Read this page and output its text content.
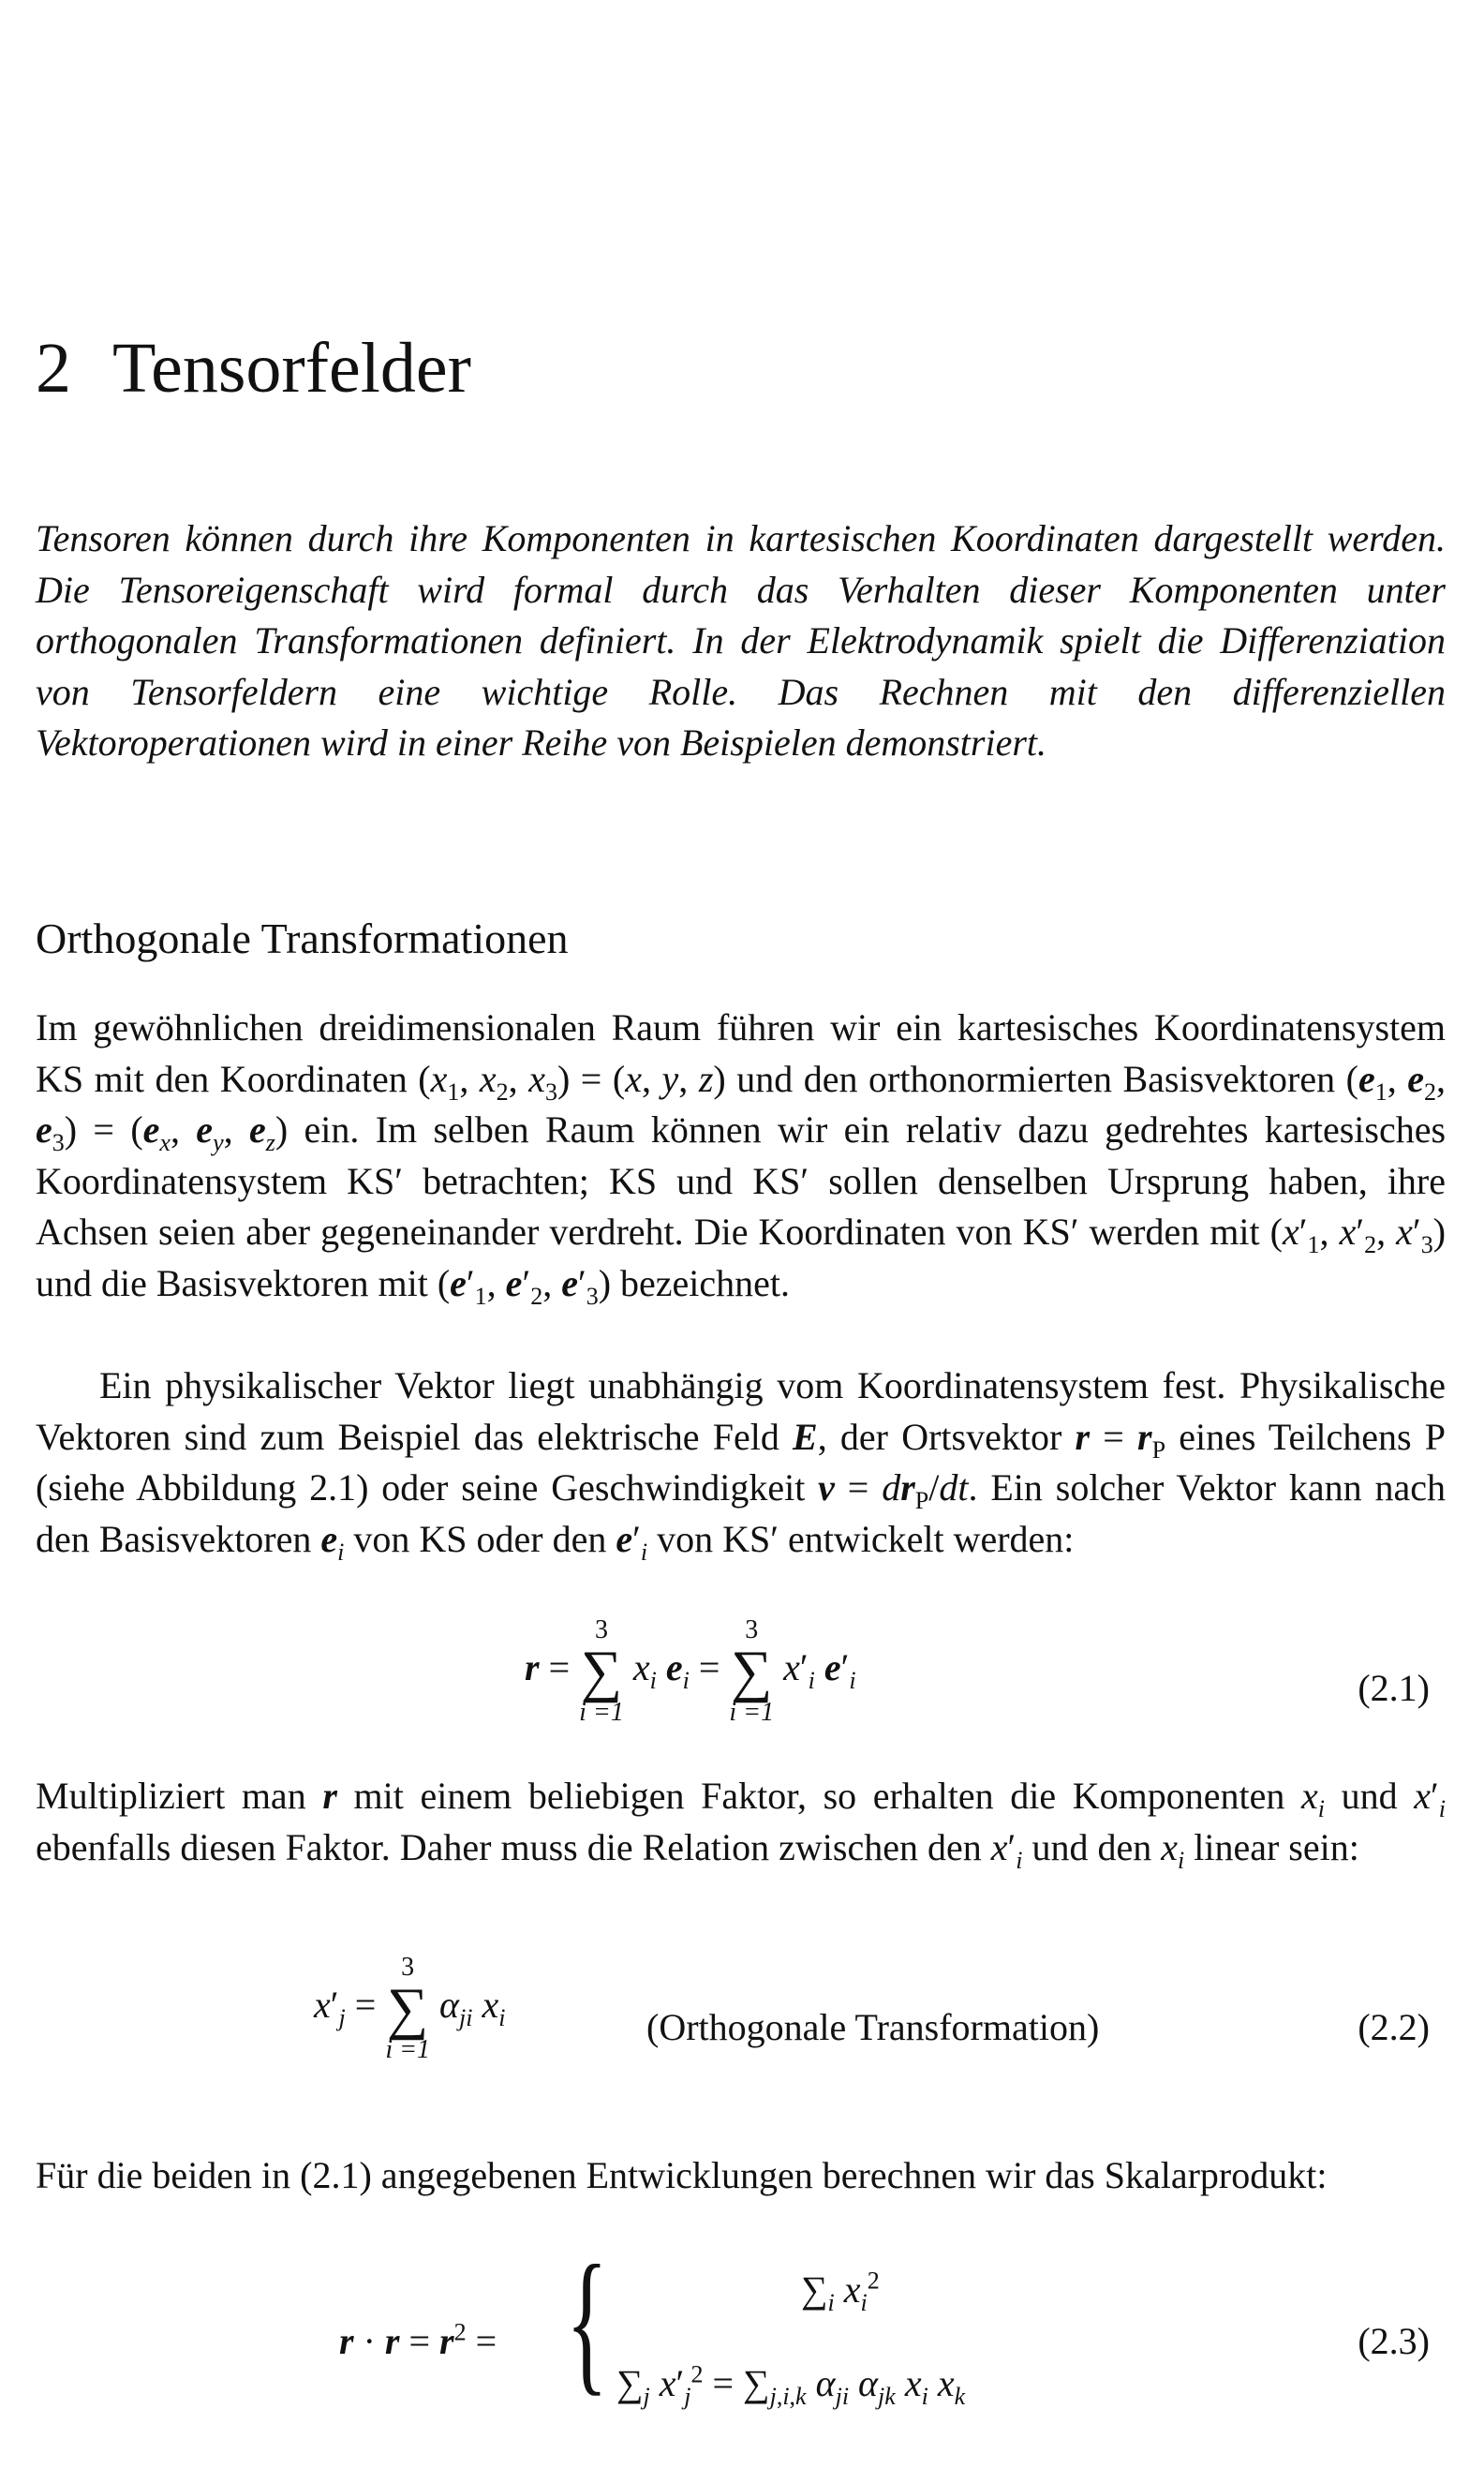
2 Tensorfelder

Tensoren können durch ihre Komponenten in kartesischen Koordinaten dargestellt werden. Die Tensoreigenschaft wird formal durch das Verhalten dieser Komponenten unter orthogonalen Transformationen definiert. In der Elektrodynamik spielt die Differenziation von Tensorfeldern eine wichtige Rolle. Das Rechnen mit den differenziellen Vektoroperationen wird in einer Reihe von Beispielen demonstriert.

Orthogonale Transformationen

Im gewöhnlichen dreidimensionalen Raum führen wir ein kartesisches Koordinatensystem KS mit den Koordinaten ($x_1$, $x_2$, $x_3) = (x$, y, z) und den orthonormierten Basisvektoren ($e_1$, $e_2$, $e_3) = (e_x$, $e_y$, $e_z$) ein. Im selben Raum können wir ein relativ dazu gedrehtes kartesisches Koordinatensystem KS′ betrachten; KS und KS′ sollen denselben Ursprung haben, ihre Achsen seien aber gegeneinander verdreht. Die Koordinaten von KS′ werden mit ($x'_1$, $x'_2$, $x'_3$) und die Basisvektoren mit ($e'_1$, $e'_2$, $e'_3$) bezeichnet.

Ein physikalischer Vektor liegt unabhängig vom Koordinatensystem fest. Physikalische Vektoren sind zum Beispiel das elektrische Feld E, der Ortsvektor $r = r_P$ eines Teilchens P (siehe Abbildung 2.1) oder seine Geschwindigkeit $v = dr_P/dt$. Ein solcher Vektor kann nach den Basisvektoren $e_i$ von KS oder den $e'_i$ von KS′ entwickelt werden:

r =
3
∑
i =1
$x_i$ $e_i$ =
3
∑
i =1
$x'_i$ $e'_i$	(2.1)

Multipliziert man r mit einem beliebigen Faktor, so erhalten die Komponenten $x_i$ und $x'_i$ ebenfalls diesen Faktor. Daher muss die Relation zwischen den $x'_i$ und den $x_i$ linear sein:

$x'_j$ =
3
∑
i =1
$\alpha_{ji}$ $x_i$	(Orthogonale Transformation)	(2.2)

Für die beiden in (2.1) angegebenen Entwicklungen berechnen wir das Skalarprodukt:

$r \cdot r = r^2$ = {	$\sum_i$ $x_i^2$
$\sum_j$ $x'_j^2 = \sum_{j,i,k}$ $\alpha_{ji}$ $\alpha_{jk}$ $x_i$ $x_k$
(2.3)
